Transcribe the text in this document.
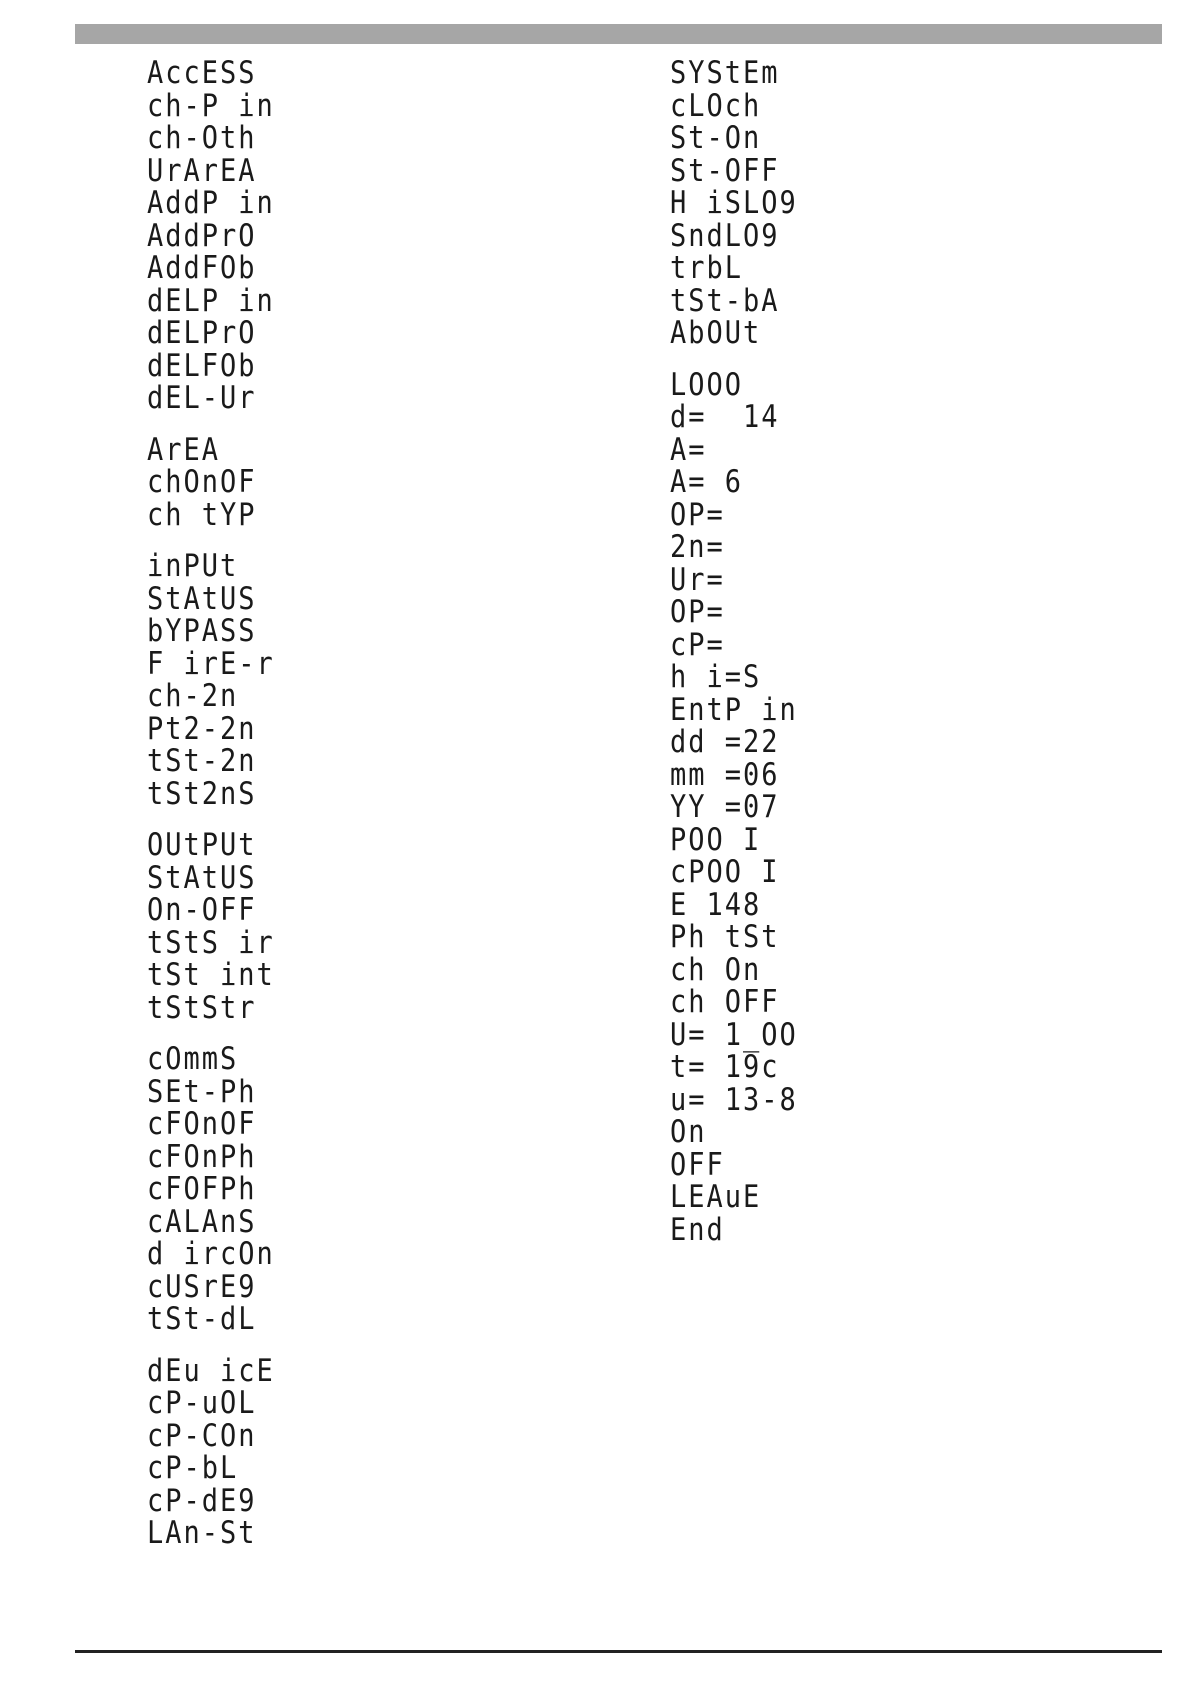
AccESS
ch-P in
ch-Oth
UrArEA
AddP in
AddPrO
AddFOb
dELP in
dELPrO
dELFOb
dEL-Ur
ArEA
chOnOF
ch tYP
inPUt
StAtUS
bYPASS
F irE-r
ch-2n
Pt2-2n
tSt-2n
tSt2nS
OUtPUt
StAtUS
On-OFF
tStS ir
tSt int
tStStr
cOmmS
SEt-Ph
cFOnOF
cFOnPh
cFOFPh
cALAnS
d ircOn
cUSrE9
tSt-dL
dEu icE
cP-uOL
cP-COn
cP-bL
cP-dE9
LAn-St
SYStEm
cLOch
St-On
St-OFF
H iSLO9
SndLO9
trbL
tSt-bA
AbOUt
LOOO
d=  14
A=
A= 6
OP=
2n=
Ur=
OP=
cP=
h i=S
EntP in
dd =22
mm =06
YY =07
POO I
cPOO I
E 148
Ph tSt
ch On
ch OFF
U= 1_OO
t= 19c
u= 13-8
On
OFF
LEAuE
End
